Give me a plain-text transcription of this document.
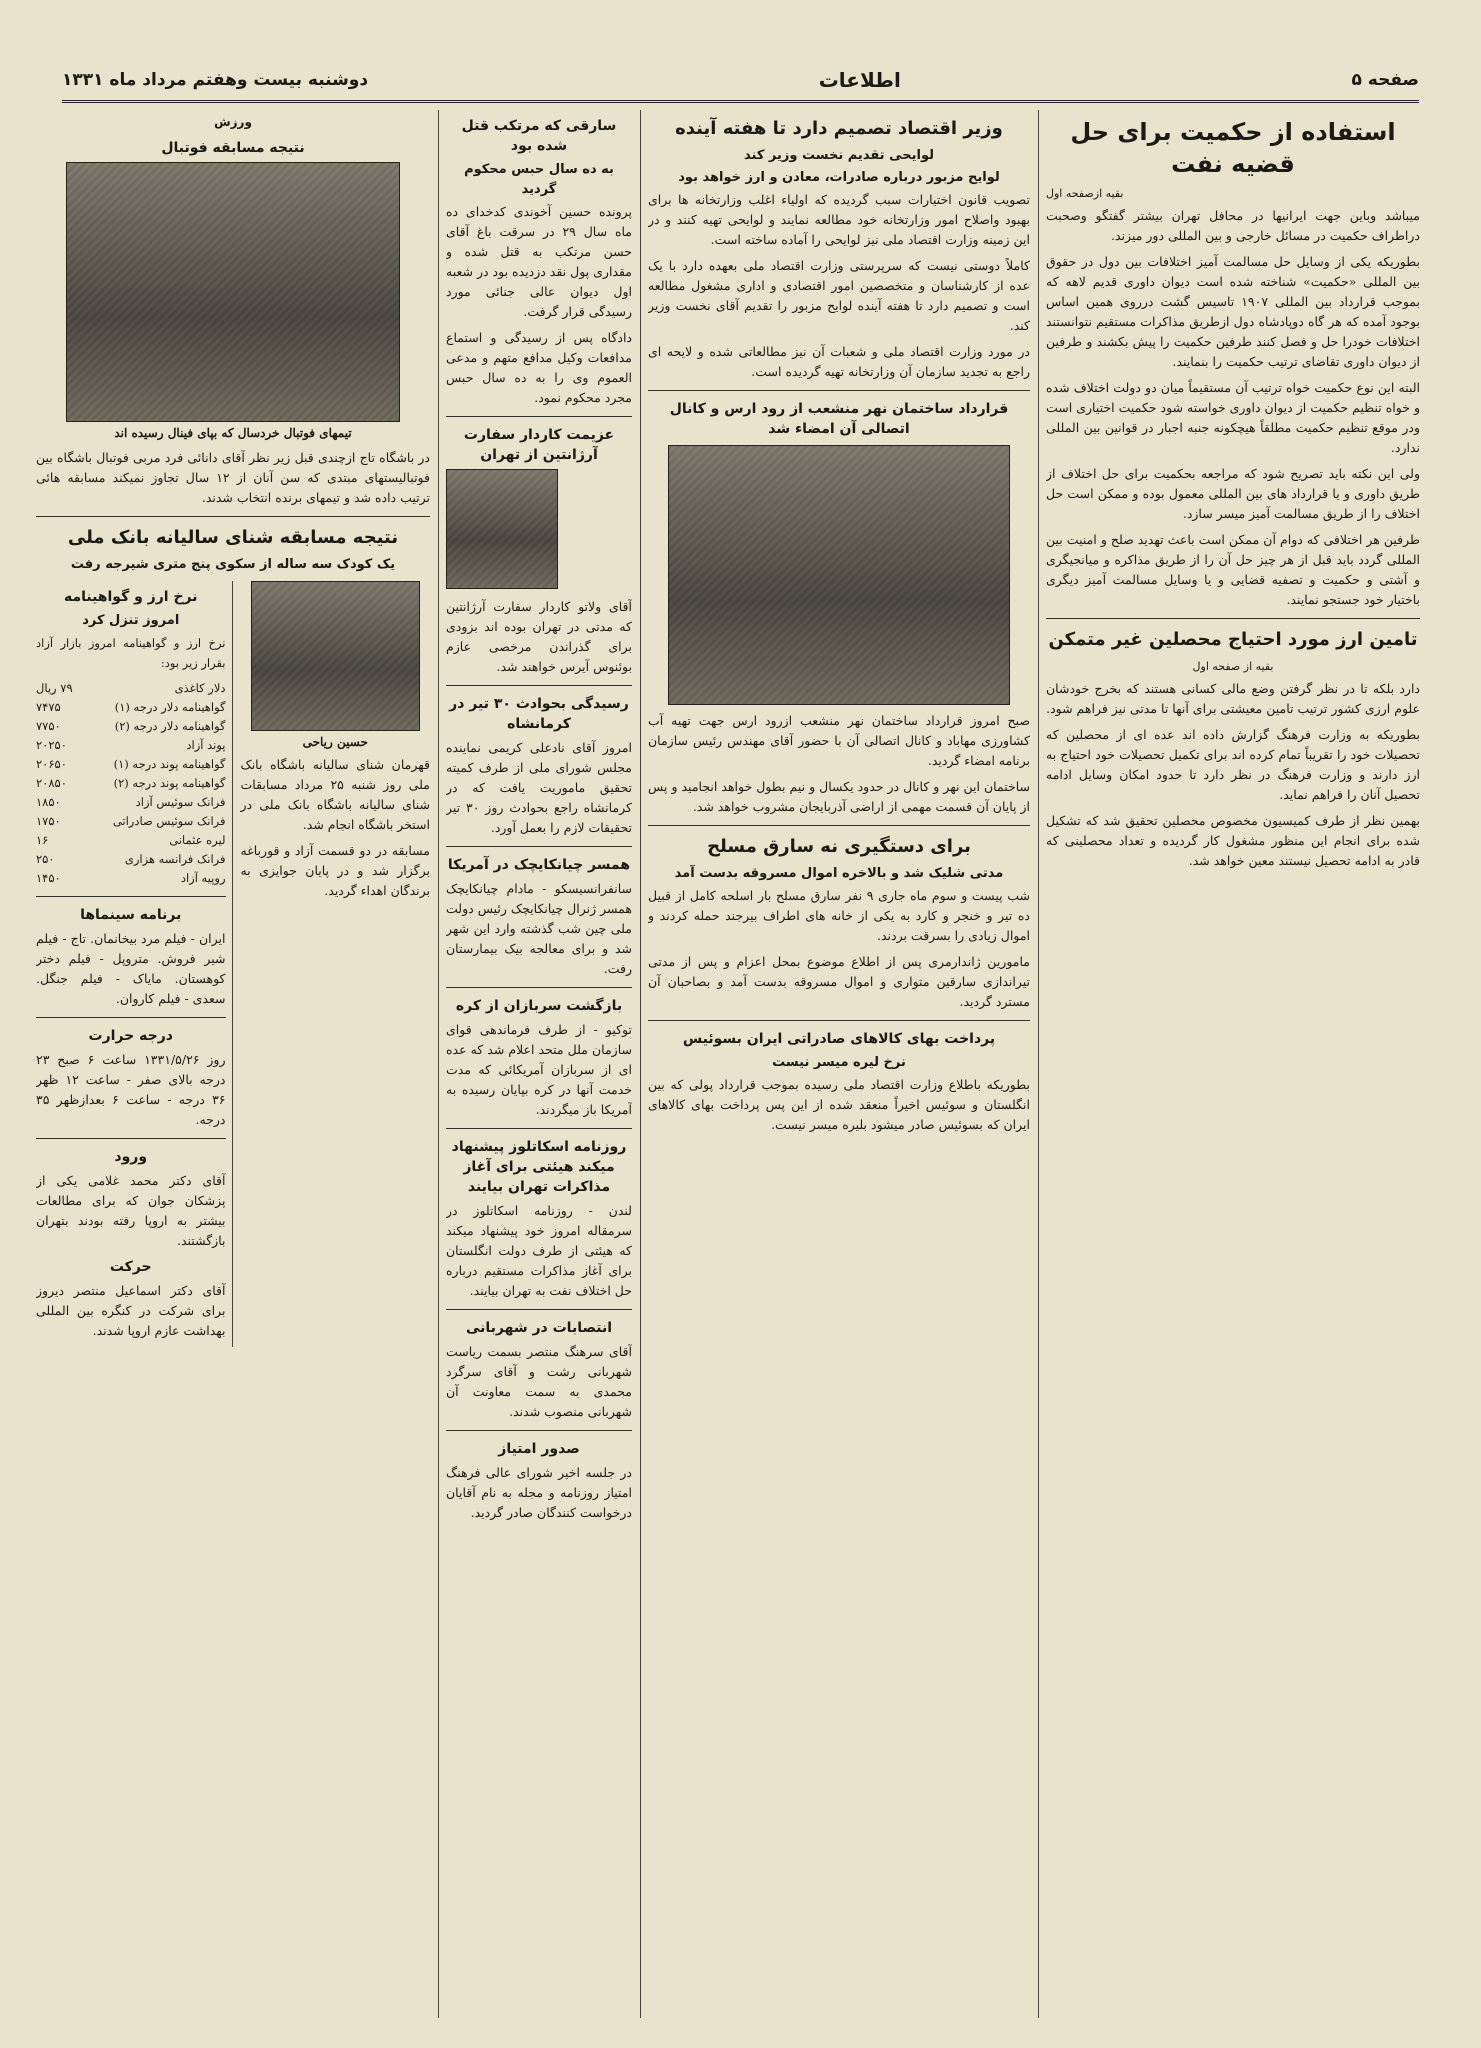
صفحه ۵
اطلاعات
دوشنبه بیست وهفتم مرداد ماه ۱۳۳۱
استفاده از حکمیت برای حل قضیه نفت
بقیه ازصفحه اول

میباشد وباین جهت ایرانیها در محافل تهران بیشتر گفتگو وصحبت دراطراف حکمیت در مسائل خارجی و بین المللی دور میزند.

بطوریکه یکی از وسایل حل مسالمت آمیز اختلافات بین دول در حقوق بین المللی «حکمیت» شناخته شده است دیوان داوری قدیم لاهه که بموجب قرارداد بین المللی ۱۹۰۷ تاسیس گشت درروی همین اساس بوجود آمده که هر گاه دوپادشاه دول ازطریق مذاکرات مستقیم نتوانستند اختلافات خودرا حل و فصل کنند طرفین حکمیت را پیش بکشند و طرفین از دیوان داوری تقاضای ترتیب حکمیت را بنمایند.

البته این نوع حکمیت خواه ترتیب آن مستقیماً میان دو دولت اختلاف شده و خواه تنظیم حکمیت از دیوان داوری خواسته شود حکمیت اختیاری است ودر موقع تنظیم حکمیت مطلقاً هیچکونه جنبه اجبار در قوانین بین المللی ندارد.

ولی این نکته باید تصریح شود که مراجعه بحکمیت برای حل اختلاف از طریق داوری و یا قرارداد های بین المللی معمول بوده و ممکن است حل اختلاف را از طریق مسالمت آمیز میسر سازد.

طرفین هر اختلافی که دوام آن ممکن است باعث تهدید صلح و امنیت بین المللی گردد باید قبل از هر چیز حل آن را از طریق مذاکره و میانجیگری و آشتی و حکمیت و تصفیه قضایی و یا وسایل مسالمت آمیز دیگری باختیار خود جستجو نمایند.

تامین ارز مورد احتیاج محصلین غیر متمکن
بقیه از صفحه اول

دارد بلکه تا در نظر گرفتن وضع مالی کسانی هستند که بخرج خودشان علوم ارزی کشور ترتیب تامین معیشتی برای آنها تا مدتی نیز فراهم شود.

بطوریکه به وزارت فرهنگ گزارش داده اند عده ای از محصلین که تحصیلات خود را تقریباً تمام کرده اند برای تکمیل تحصیلات خود احتیاج به ارز دارند و وزارت فرهنگ در نظر دارد تا حدود امکان وسایل ادامه تحصیل آنان را فراهم نماید.

بهمین نظر از طرف کمیسیون مخصوص محصلین تحقیق شد که تشکیل شده برای انجام این منظور مشغول کار گردیده و تعداد محصلینی که قادر به ادامه تحصیل نیستند معین خواهد شد.

وزیر اقتصاد تصمیم دارد تا هفته آینده
لوایحی تقدیم نخست وزیر کند
لوایح مزبور درباره صادرات، معادن و ارز خواهد بود

تصویب قانون اختیارات سبب گردیده که اولیاء اغلب وزارتخانه ها برای بهبود واصلاح امور وزارتخانه خود مطالعه نمایند و لوایحی تهیه کنند و در این زمینه وزارت اقتصاد ملی نیز لوایحی را آماده ساخته است.

کاملاً دوستی نیست که سرپرستی وزارت اقتصاد ملی بعهده دارد با یک عده از کارشناسان و متخصصین امور اقتصادی و اداری مشغول مطالعه است و تصمیم دارد تا هفته آینده لوایح مزبور را تقدیم آقای نخست وزیر کند.

در مورد وزارت اقتصاد ملی و شعبات آن نیز مطالعاتی شده و لایحه ای راجع به تجدید سازمان آن وزارتخانه تهیه گردیده است.

قرارداد ساختمان نهر منشعب از رود ارس و کانال اتصالی آن امضاء شد

صبح امروز قرارداد ساختمان نهر منشعب ازرود ارس جهت تهیه آب کشاورزی مهاباد و کانال اتصالی آن با حضور آقای مهندس رئیس سازمان برنامه امضاء گردید.

ساختمان این نهر و کانال در حدود یکسال و نیم بطول خواهد انجامید و پس از پایان آن قسمت مهمی از اراضی آذربایجان مشروب خواهد شد.

برای دستگیری نه سارق مسلح
مدتی شلیک شد و بالاخره اموال مسروقه بدست آمد

شب پیست و سوم ماه جاری ۹ نفر سارق مسلح بار اسلحه کامل از قبیل ده تیر و خنجر و کارد به یکی از خانه های اطراف بیرجند حمله کردند و اموال زیادی را بسرقت بردند.

مامورین ژاندارمری پس از اطلاع موضوع بمحل اعزام و پس از مدتی تیراندازی سارقین متواری و اموال مسروقه بدست آمد و بصاحبان آن مسترد گردید.

پرداخت بهای کالاهای صادراتی ایران بسوئیس
نرخ لیره میسر نیست

بطوریکه باطلاع وزارت اقتصاد ملی رسیده بموجب قرارداد پولی که بین انگلستان و سوئیس اخیراً منعقد شده از این پس پرداخت بهای کالاهای ایران که بسوئیس صادر میشود بلیره میسر نیست.

سارقی که مرتکب قتل شده بود
به ده سال حبس محکوم گردید

پرونده حسین آخوندی کدخدای ده ماه سال ۲۹ در سرقت باغ آقای حسن مرتکب به قتل شده و مقداری پول نقد دزدیده بود در شعبه اول دیوان عالی جنائی مورد رسیدگی قرار گرفت.

دادگاه پس از رسیدگی و استماع مدافعات وکیل مدافع متهم و مدعی العموم وی را به ده سال حبس مجرد محکوم نمود.

عزیمت کاردار سفارت آرژانتین از تهران

آقای ولاتو کاردار سفارت آرژانتین که مدتی در تهران بوده اند بزودی برای گذراندن مرخصی عازم بوئنوس آیرس خواهند شد.

رسیدگی بحوادث ۳۰ تیر در کرمانشاه

امروز آقای نادعلی کریمی نماینده مجلس شورای ملی از طرف کمیته تحقیق ماموریت یافت که در کرمانشاه راجع بحوادث روز ۳۰ تیر تحقیقات لازم را بعمل آورد.

همسر چیانکایچک در آمریکا

سانفرانسیسکو - مادام چیانکایچک همسر ژنرال چیانکایچک رئیس دولت ملی چین شب گذشته وارد این شهر شد و برای معالجه بیک بیمارستان رفت.

بازگشت سربازان از کره

توکیو - از طرف فرماندهی قوای سازمان ملل متحد اعلام شد که عده ای از سربازان آمریکائی که مدت خدمت آنها در کره بپایان رسیده به آمریکا باز میگردند.

روزنامه اسکاتلوز پیشنهاد میکند هیئتی برای آغاز مذاکرات تهران بیایند

لندن - روزنامه اسکاتلوز در سرمقاله امروز خود پیشنهاد میکند که هیئتی از طرف دولت انگلستان برای آغاز مذاکرات مستقیم درباره حل اختلاف نفت به تهران بیایند.

انتصابات در شهربانی

آقای سرهنگ منتصر بسمت ریاست شهربانی رشت و آقای سرگرد محمدی به سمت معاونت آن شهربانی منصوب شدند.

صدور امتیاز

در جلسه اخیر شورای عالی فرهنگ امتیاز روزنامه و مجله به نام آقایان درخواست کنندگان صادر گردید.

ورزش
نتیجه مسابقه فوتبال
تیمهای فوتبال خردسال که بپای فینال رسیده اند

در باشگاه تاج ازچندی قبل زیر نظر آقای دانائی فرد مربی فوتبال باشگاه بین فوتبالیستهای مبتدی که سن آنان از ۱۲ سال تجاوز نمیکند مسابقه هائی ترتیب داده شد و تیمهای برنده انتخاب شدند.

نتیجه مسابقه شنای سالیانه بانک ملی
یک کودک سه ساله از سکوی پنج متری شیرجه رفت
حسین ریاحی

قهرمان شنای سالیانه باشگاه بانک ملی روز شنبه ۲۵ مرداد مسابقات شنای سالیانه باشگاه بانک ملی در استخر باشگاه انجام شد.

مسابقه در دو قسمت آزاد و قورباغه برگزار شد و در پایان جوایزی به برندگان اهداء گردید.

نرخ ارز و گواهینامه
امروز تنزل کرد
نرخ ارز و گواهینامه امروز بازار آزاد بقرار زیر بود:
دلار کاغذی
۷۹ ریال
گواهینامه دلار درجه (۱)
۷۴۷۵
گواهینامه دلار درجه (۲)
۷۷۵۰
پوند آزاد
۲۰۲۵۰
گواهینامه پوند درجه (۱)
۲۰۶۵۰
گواهینامه پوند درجه (۲)
۲۰۸۵۰
فرانک سوئیس آزاد
۱۸۵۰
فرانک سوئیس صادراتی
۱۷۵۰
لیره عثمانی
۱۶
فرانک فرانسه هزاری
۲۵۰
روپیه آزاد
۱۴۵۰
برنامه سینماها

ایران - فیلم مرد بیخانمان. تاج - فیلم شیر فروش. متروپل - فیلم دختر کوهستان. مایاک - فیلم جنگل. سعدی - فیلم کاروان.

درجه حرارت

روز ۱۳۳۱/۵/۲۶ ساعت ۶ صبح ۲۳ درجه بالای صفر - ساعت ۱۲ ظهر ۳۶ درجه - ساعت ۶ بعدازظهر ۳۵ درجه.

ورود

آقای دکتر محمد غلامی یکی از پزشکان جوان که برای مطالعات بیشتر به اروپا رفته بودند بتهران بازگشتند.

حرکت

آقای دکتر اسماعیل منتصر دیروز برای شرکت در کنگره بین المللی بهداشت عازم اروپا شدند.
